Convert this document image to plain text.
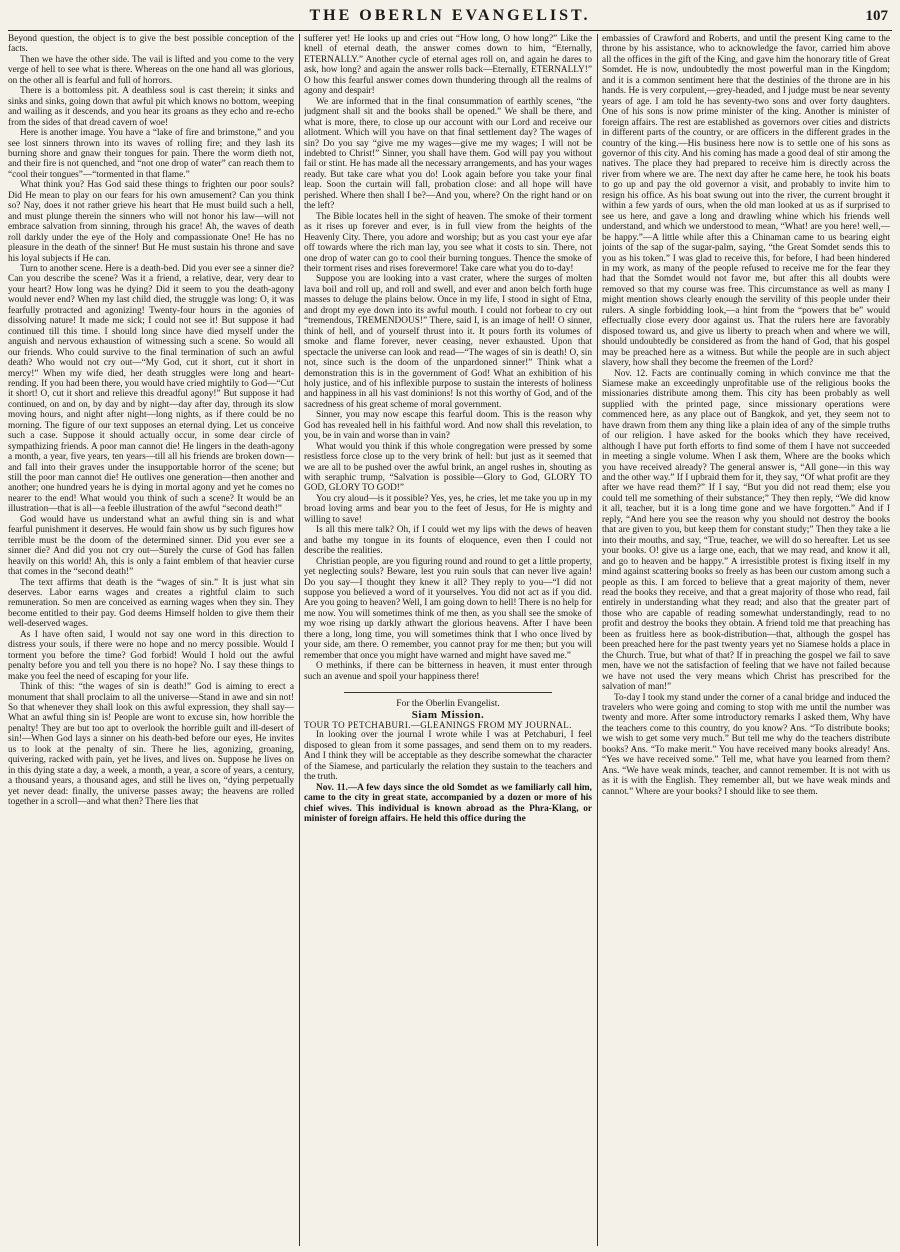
THE OBERLN EVANGELIST.	107

Beyond question, the object is to give the best possible conception of the facts.

Then we have the other side. The vail is lifted and you come to the very verge of hell to see what is there. Whereas on the one hand all was glorious, on the other all is fearful and full of horrors.

There is a bottomless pit. A deathless soul is cast therein; it sinks and sinks and sinks, going down that awful pit which knows no bottom, weeping and wailing as it descends, and you hear its groans as they echo and re-echo from the sides of that dread cavern of woe!

Here is another image. You have a “lake of fire and brimstone,” and you see lost sinners thrown into its waves of rolling fire; and they lash its burning shore and gnaw their tongues for pain. There the worm dieth not, and their fire is not quenched, and “not one drop of water” can reach them to “cool their tongues”—“tormented in that flame.”

What think you? Has God said these things to frighten our poor souls? Did He mean to play on our fears for his own amusement? Can you think so? Nay, does it not rather grieve his heart that He must build such a hell, and must plunge therein the sinners who will not honor his law—will not embrace salvation from sinning, through his grace! Ah, the waves of death roll darkly under the eye of the Holy and compassionate One! He has no pleasure in the death of the sinner! But He must sustain his throne and save his loyal subjects if He can.

Turn to another scene. Here is a death-bed. Did you ever see a sinner die? Can you describe the scene? Was it a friend, a relative, dear, very dear to your heart? How long was he dying? Did it seem to you the death-agony would never end? When my last child died, the struggle was long: O, it was fearfully protracted and agonizing! Twenty-four hours in the agonies of dissolving nature! It made me sick; I could not see it! But suppose it had continued till this time. I should long since have died myself under the anguish and nervous exhaustion of witnessing such a scene. So would all our friends. Who could survive to the final termination of such an awful death? Who would not cry out—“My God, cut it short, cut it short in mercy!” When my wife died, her death struggles were long and heart-rending. If you had been there, you would have cried mightily to God—“Cut it short! O, cut it short and relieve this dreadful agony!” But suppose it had continued, on and on, by day and by night—day after day, through its slow moving hours, and night after night—long nights, as if there could be no morning. The figure of our text supposes an eternal dying. Let us conceive such a case. Suppose it should actually occur, in some dear circle of sympathizing friends. A poor man cannot die! He lingers in the death-agony a month, a year, five years, ten years—till all his friends are broken down—and fall into their graves under the insupportable horror of the scene; but still the poor man cannot die! He outlives one generation—then another and another; one hundred years he is dying in mortal agony and yet he comes no nearer to the end! What would you think of such a scene? It would be an illustration—that is all—a feeble illustration of the awful “second death!”

God would have us understand what an awful thing sin is and what fearful punishment it deserves. He would fain show us by such figures how terrible must be the doom of the determined sinner. Did you ever see a sinner die? And did you not cry out—Surely the curse of God has fallen heavily on this world! Ah, this is only a faint emblem of that heavier curse that comes in the “second death!”

The text affirms that death is the “wages of sin.” It is just what sin deserves. Labor earns wages and creates a rightful claim to such remuneration. So men are conceived as earning wages when they sin. They become entitled to their pay. God deems Himself holden to give them their well-deserved wages.

As I have often said, I would not say one word in this direction to distress your souls, if there were no hope and no mercy possible. Would I torment you before the time? God forbid! Would I hold out the awful penalty before you and tell you there is no hope? No. I say these things to make you feel the need of escaping for your life.

Think of this: “the wages of sin is death!” God is aiming to erect a monument that shall proclaim to all the universe—Stand in awe and sin not! So that whenever they shall look on this awful expression, they shall say—What an awful thing sin is! People are wont to excuse sin, how horrible the penalty! They are but too apt to overlook the horrible guilt and ill-desert of sin!—When God lays a sinner on his death-bed before our eyes, He invites us to look at the penalty of sin. There he lies, agonizing, groaning, quivering, racked with pain, yet he lives, and lives on. Suppose he lives on in this dying state a day, a week, a month, a year, a score of years, a century, a thousand years, a thousand ages, and still he lives on, “dying perpetually yet never dead: finally, the universe passes away; the heavens are rolled together in a scroll—and what then? There lies that

sufferer yet! He looks up and cries out “How long, O how long?” Like the knell of eternal death, the answer comes down to him, “Eternally, ETERNALLY.” Another cycle of eternal ages roll on, and again he dares to ask, how long? and again the answer rolls back—Eternally, ETERNALLY!” O how this fearful answer comes down thundering through all the realms of agony and despair!

We are informed that in the final consummation of earthly scenes, “the judgment shall sit and the books shall be opened.” We shall be there, and what is more, there, to close up our account with our Lord and receive our allotment. Which will you have on that final settlement day? The wages of sin? Do you say “give me my wages—give me my wages; I will not be indebted to Christ!” Sinner, you shall have them. God will pay you without fail or stint. He has made all the necessary arrangements, and has your wages ready. But take care what you do! Look again before you take your final leap. Soon the curtain will fall, probation close: and all hope will have perished. Where then shall I be?—And you, where? On the right hand or on the left?

The Bible locates hell in the sight of heaven. The smoke of their torment as it rises up forever and ever, is in full view from the heights of the Heavenly City. There, you adore and worship; but as you cast your eye afar off towards where the rich man lay, you see what it costs to sin. There, not one drop of water can go to cool their burning tongues. Thence the smoke of their torment rises and rises forevermore! Take care what you do to-day!

Suppose you are looking into a vast crater, where the surges of molten lava boil and roll up, and roll and swell, and ever and anon belch forth huge masses to deluge the plains below. Once in my life, I stood in sight of Etna, and dropt my eye down into its awful mouth. I could not forbear to cry out “tremendous, TREMENDOUS!” There, said I, is an image of hell! O sinner, think of hell, and of yourself thrust into it. It pours forth its volumes of smoke and flame forever, never ceasing, never exhausted. Upon that spectacle the universe can look and read—“The wages of sin is death! O, sin not, since such is the doom of the unpardoned sinner!” Think what a demonstration this is in the government of God! What an exhibition of his holy justice, and of his inflexible purpose to sustain the interests of holiness and happiness in all his vast dominions! Is not this worthy of God, and of the sacredness of his great scheme of moral government.

Sinner, you may now escape this fearful doom. This is the reason why God has revealed hell in his faithful word. And now shall this revelation, to you, be in vain and worse than in vain?

What would you think if this whole congregation were pressed by some resistless force close up to the very brink of hell: but just as it seemed that we are all to be pushed over the awful brink, an angel rushes in, shouting as with seraphic trump, “Salvation is possible—Glory to God, GLORY TO GOD, GLORY TO GOD!”

You cry aloud—is it possible? Yes, yes, he cries, let me take you up in my broad loving arms and bear you to the feet of Jesus, for He is mighty and willing to save!

Is all this mere talk? Oh, if I could wet my lips with the dews of heaven and bathe my tongue in its founts of eloquence, even then I could not describe the realities.

Christian people, are you figuring round and round to get a little property, yet neglecting souls? Beware, lest you ruin souls that can never live again! Do you say—I thought they knew it all? They reply to you—“I did not suppose you believed a word of it yourselves. You did not act as if you did. Are you going to heaven? Well, I am going down to hell! There is no help for me now. You will sometimes think of me then, as you shall see the smoke of my woe rising up darkly athwart the glorious heavens. After I have been there a long, long time, you will sometimes think that I who once lived by your side, am there. O remember, you cannot pray for me then; but you will remember that once you might have warned and might have saved me.”

O methinks, if there can be bitterness in heaven, it must enter through such an avenue and spoil your happiness there!

For the Oberlin Evangelist.

Siam Mission.

TOUR TO PETCHABURI.—GLEANINGS FROM MY JOURNAL.

In looking over the journal I wrote while I was at Petchaburi, I feel disposed to glean from it some passages, and send them on to my readers. And I think they will be acceptable as they describe somewhat the character of the Siamese, and particularly the relation they sustain to the teachers and the truth.

Nov. 11.—A few days since the old Somdet as we familiarly call him, came to the city in great state, accompanied by a dozen or more of his chief wives. This individual is known abroad as the Phra-Klang, or minister of foreign affairs. He held this office during the

embassies of Crawford and Roberts, and until the present King came to the throne by his assistance, who to acknowledge the favor, carried him above all the offices in the gift of the King, and gave him the honorary title of Great Somdet. He is now, undoubtedly the most powerful man in the Kingdom; and it is a common sentiment here that the destinies of the throne are in his hands. He is very corpulent,—grey-headed, and I judge must be near seventy years of age. I am told he has seventy-two sons and over forty daughters. One of his sons is now prime minister of the king. Another is minister of foreign affairs. The rest are established as governors over cities and districts in different parts of the country, or are officers in the different grades in the country of the king.—His business here now is to settle one of his sons as governor of this city. And his coming has made a good deal of stir among the natives. The place they had prepared to receive him is directly across the river from where we are. The next day after he came here, he took his boats to go up and pay the old governor a visit, and probably to invite him to resign his office. As his boat swung out into the river, the current brought it within a few yards of ours, when the old man looked at us as if surprised to see us here, and gave a long and drawling whine which his friends well understand, and which we understood to mean, “What! are you here! well,—be happy.”—A little while after this a Chinaman came to us bearing eight joints of the sap of the sugar-palm, saying, “the Great Somdet sends this to you as his token.” I was glad to receive this, for before, I had been hindered in my work, as many of the people refused to receive me for the fear they had that the Somdet would not favor me, but after this all doubts were removed so that my course was free. This circumstance as well as many I might mention shows clearly enough the servility of this people under their rulers. A single forbidding look,—a hint from the “powers that be” would effectually close every door against us. That the rulers here are favorably disposed toward us, and give us liberty to preach when and where we will, should undoubtedly be considered as from the hand of God, that his gospel may be preached here as a witness. But while the people are in such abject slavery, how shall they become the freemen of the Lord?

Nov. 12. Facts are continually coming in which convince me that the Siamese make an exceedingly unprofitable use of the religious books the missionaries distribute among them. This city has been probably as well supplied with the printed page, since missionary operations were commenced here, as any place out of Bangkok, and yet, they seem not to have drawn from them any thing like a plain idea of any of the simple truths of our religion. I have asked for the books which they have received, although I have put forth efforts to find some of them I have not succeeded in meeting a single volume. When I ask them, Where are the books which you have received already? The general answer is, “All gone—in this way and the other way.” If I upbraid them for it, they say, “Of what profit are they after we have read them?” If I say, “But you did not read them; else you could tell me something of their substance;” They then reply, “We did know it all, teacher, but it is a long time gone and we have forgotten.” And if I reply, “And here you see the reason why you should not destroy the books that are given to you, but keep them for constant study;” Then they take a lie into their mouths, and say, “True, teacher, we will do so hereafter. Let us see your books. O! give us a large one, each, that we may read, and know it all, and go to heaven and be happy.” A irresistible protest is fixing itself in my mind against scattering books so freely as has been our custom among such a people as this. I am forced to believe that a great majority of them, never read the books they receive, and that a great majority of those who read, fail entirely in understanding what they read; and also that the greater part of those who are capable of reading somewhat understandingly, read to no profit and destroy the books they obtain. A friend told me that preaching has been as fruitless here as book-distribution—that, although the gospel has been preached here for the past twenty years yet no Siamese holds a place in the Church. True, but what of that? If in preaching the gospel we fail to save men, have we not the satisfaction of feeling that we have not failed because we have not used the very means which Christ has prescribed for the salvation of man!”

To-day I took my stand under the corner of a canal bridge and induced the travelers who were going and coming to stop with me until the number was twenty and more. After some introductory remarks I asked them, Why have the teachers come to this country, do you know? Ans. “To distribute books; we wish to get some very much.” But tell me why do the teachers distribute books? Ans. “To make merit.” You have received many books already! Ans. “Yes we have received some.” Tell me, what have you learned from them? Ans. “We have weak minds, teacher, and cannot remember. It is not with us as it is with the English. They remember all, but we have weak minds and cannot.” Where are your books? I should like to see them.
